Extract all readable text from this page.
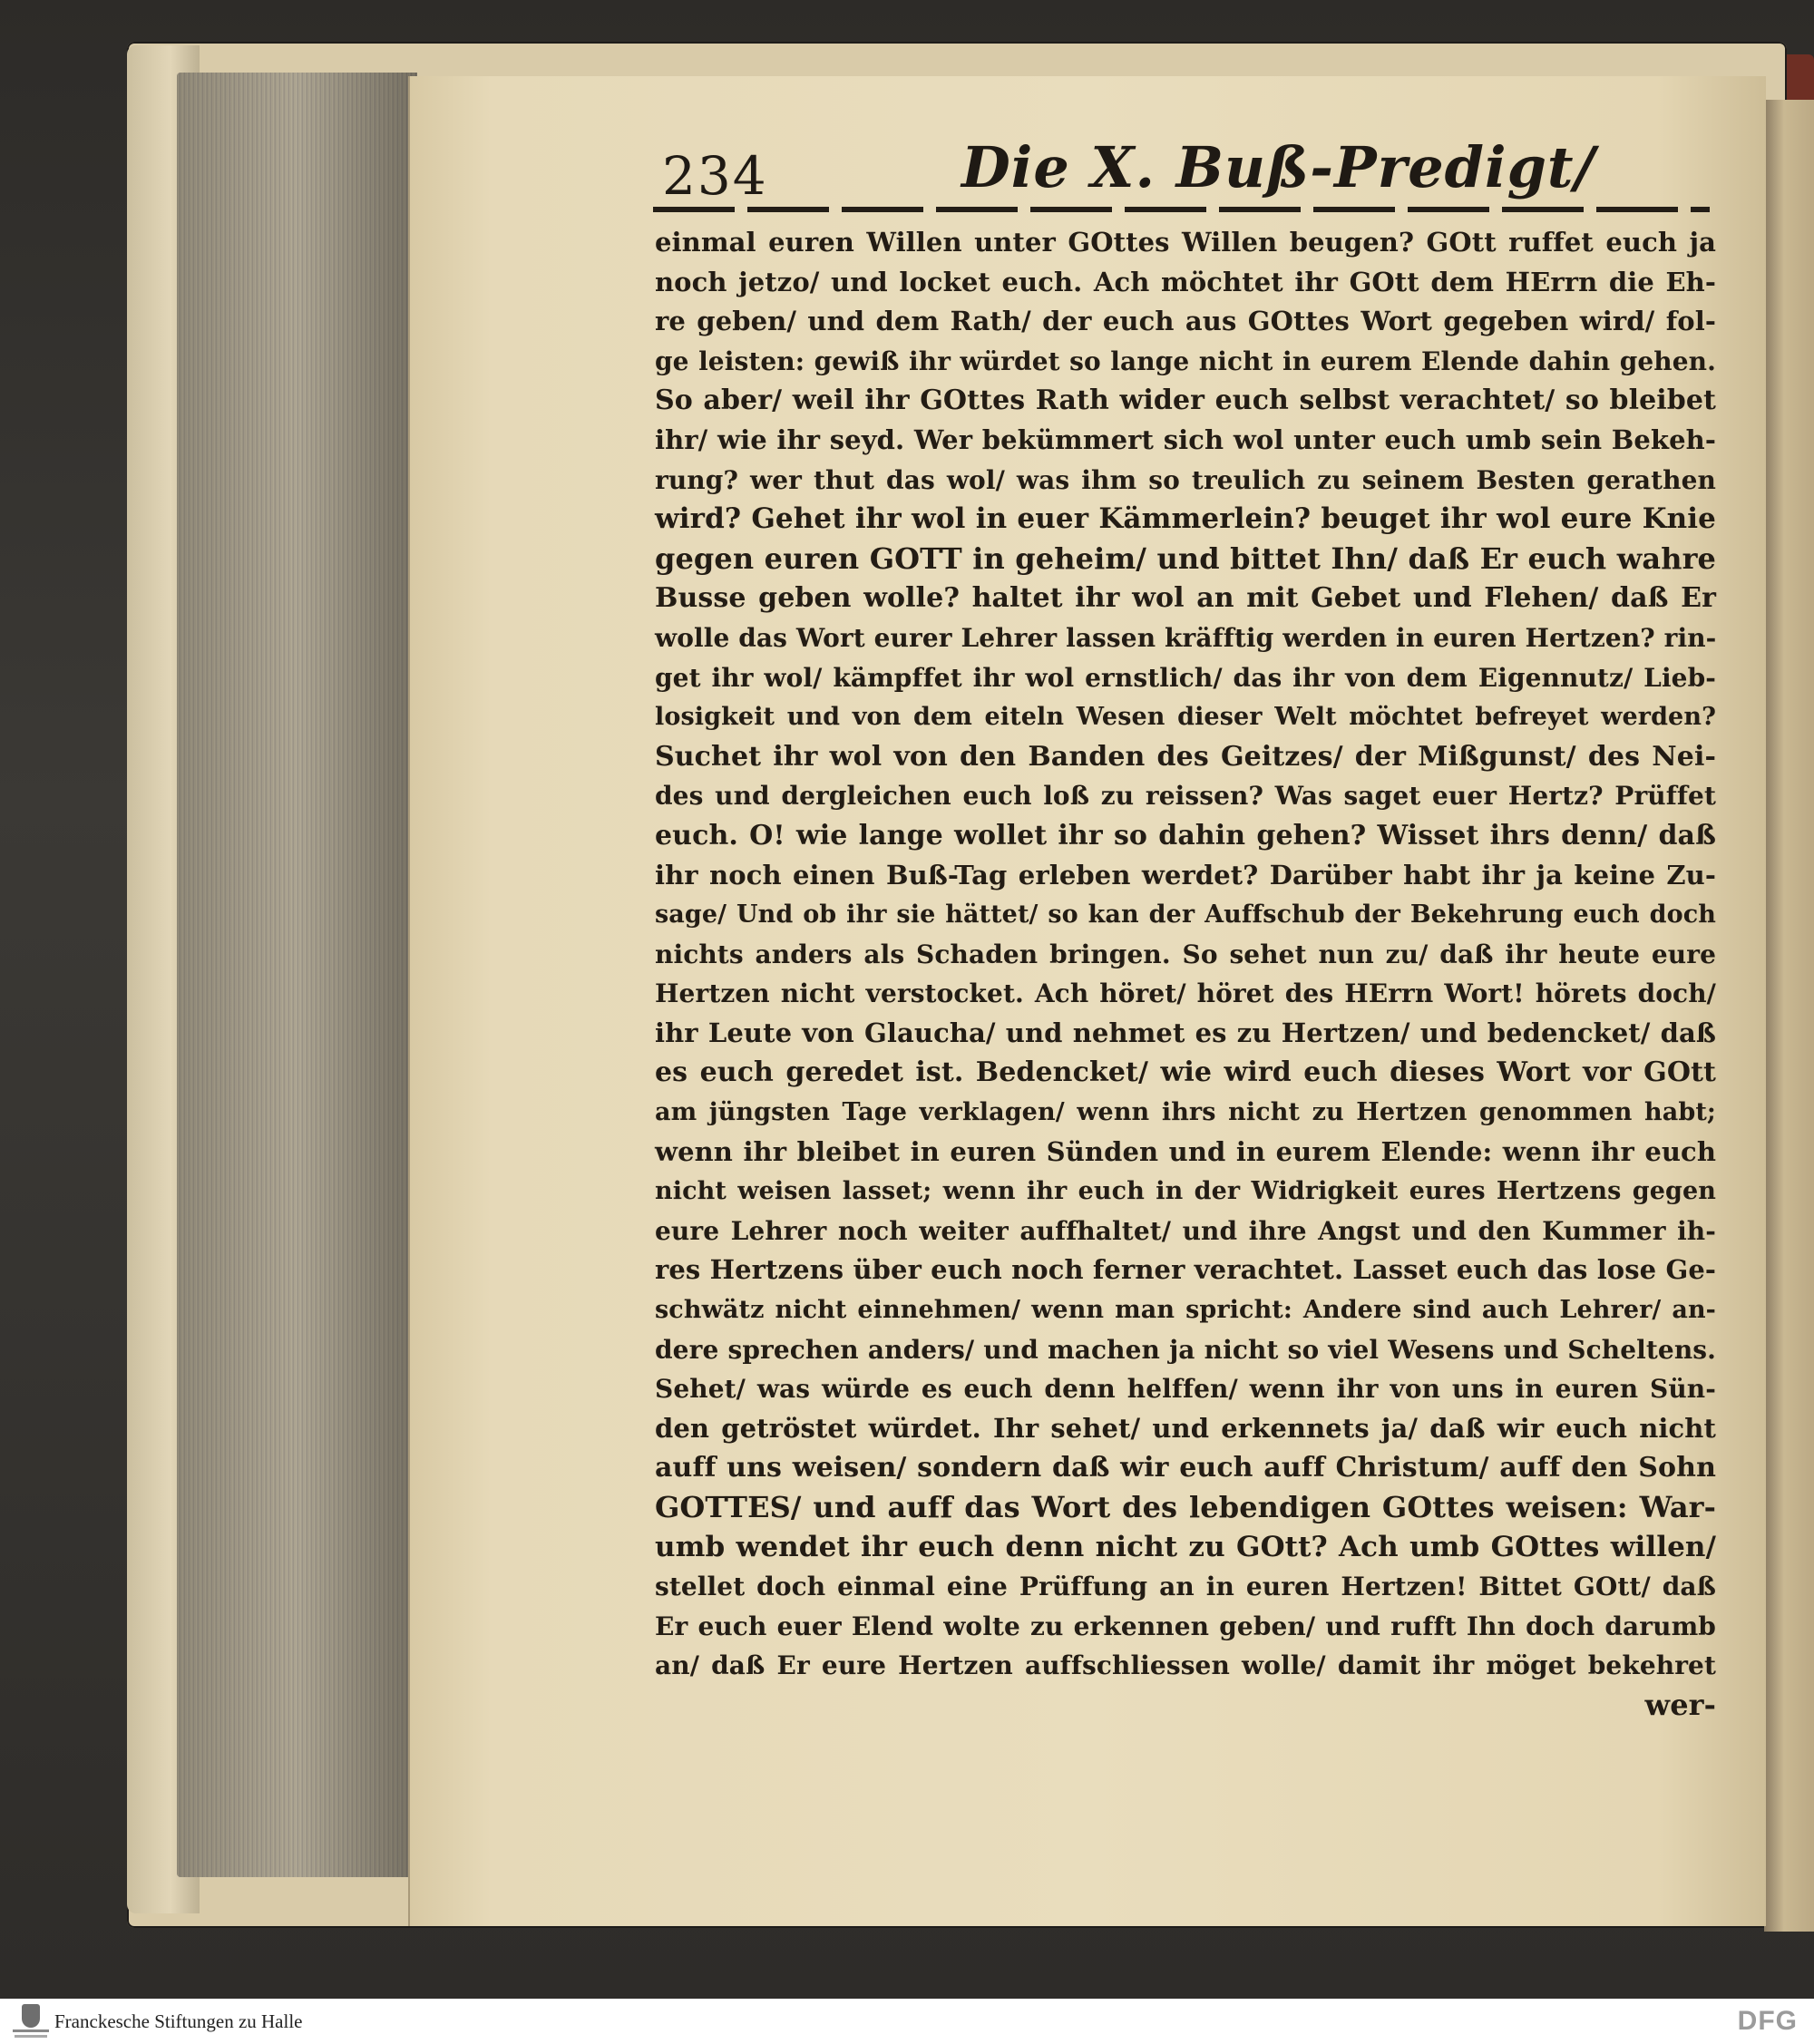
234	Die X. Buß-Predigt/
einmal euren Willen unter GOttes Willen beugen? GOtt ruffet euch ja
noch jetzo/ und locket euch. Ach möchtet ihr GOtt dem HErrn die Eh-
re geben/ und dem Rath/ der euch aus GOttes Wort gegeben wird/ fol-
ge leisten: gewiß ihr würdet so lange nicht in eurem Elende dahin gehen.
So aber/ weil ihr GOttes Rath wider euch selbst verachtet/ so bleibet
ihr/ wie ihr seyd. Wer bekümmert sich wol unter euch umb sein Bekeh-
rung? wer thut das wol/ was ihm so treulich zu seinem Besten gerathen
wird? Gehet ihr wol in euer Kämmerlein? beuget ihr wol eure Knie
gegen euren GOTT in geheim/ und bittet Ihn/ daß Er euch wahre
Busse geben wolle? haltet ihr wol an mit Gebet und Flehen/ daß Er
wolle das Wort eurer Lehrer lassen kräfftig werden in euren Hertzen? rin-
get ihr wol/ kämpffet ihr wol ernstlich/ das ihr von dem Eigennutz/ Lieb-
losigkeit und von dem eiteln Wesen dieser Welt möchtet befreyet werden?
Suchet ihr wol von den Banden des Geitzes/ der Mißgunst/ des Nei-
des und dergleichen euch loß zu reissen? Was saget euer Hertz? Prüffet
euch. O! wie lange wollet ihr so dahin gehen? Wisset ihrs denn/ daß
ihr noch einen Buß-Tag erleben werdet? Darüber habt ihr ja keine Zu-
sage/ Und ob ihr sie hättet/ so kan der Auffschub der Bekehrung euch doch
nichts anders als Schaden bringen. So sehet nun zu/ daß ihr heute eure
Hertzen nicht verstocket. Ach höret/ höret des HErrn Wort! hörets doch/
ihr Leute von Glaucha/ und nehmet es zu Hertzen/ und bedencket/ daß
es euch geredet ist. Bedencket/ wie wird euch dieses Wort vor GOtt
am jüngsten Tage verklagen/ wenn ihrs nicht zu Hertzen genommen habt;
wenn ihr bleibet in euren Sünden und in eurem Elende: wenn ihr euch
nicht weisen lasset; wenn ihr euch in der Widrigkeit eures Hertzens gegen
eure Lehrer noch weiter auffhaltet/ und ihre Angst und den Kummer ih-
res Hertzens über euch noch ferner verachtet. Lasset euch das lose Ge-
schwätz nicht einnehmen/ wenn man spricht: Andere sind auch Lehrer/ an-
dere sprechen anders/ und machen ja nicht so viel Wesens und Scheltens.
Sehet/ was würde es euch denn helffen/ wenn ihr von uns in euren Sün-
den getröstet würdet. Ihr sehet/ und erkennets ja/ daß wir euch nicht
auff uns weisen/ sondern daß wir euch auff Christum/ auff den Sohn
GOTTES/ und auff das Wort des lebendigen GOttes weisen: War-
umb wendet ihr euch denn nicht zu GOtt? Ach umb GOttes willen/
stellet doch einmal eine Prüffung an in euren Hertzen! Bittet GOtt/ daß
Er euch euer Elend wolte zu erkennen geben/ und rufft Ihn doch darumb
an/ daß Er eure Hertzen auffschliessen wolle/ damit ihr möget bekehret
wer-
Franckesche Stiftungen zu Halle	DFG
